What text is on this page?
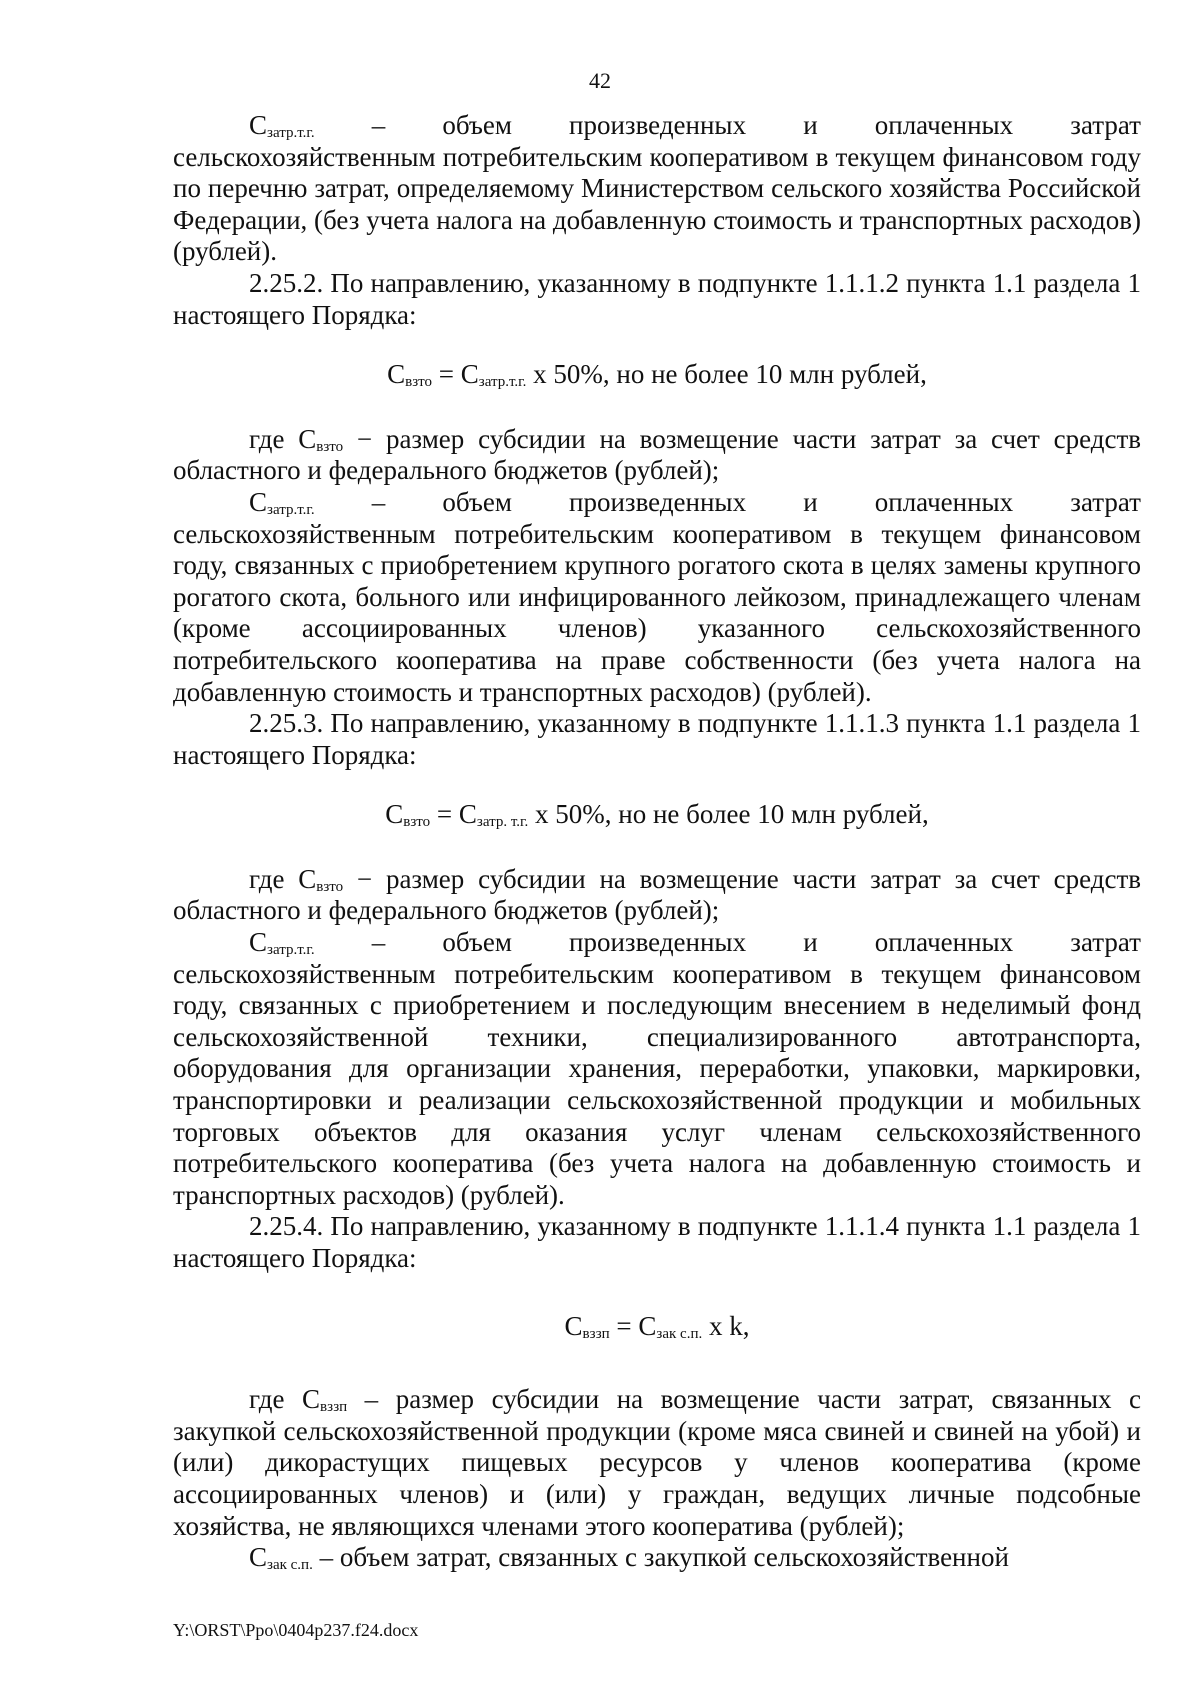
42
$С_{затр.т.г.}$ – объем произведенных и оплаченных затрат

сельскохозяйственным потребительским кооперативом в текущем финансовом году по перечню затрат, определяемому Министерством сельского хозяйства Российской Федерации, (без учета налога на добавленную стоимость и транспортных расходов) (рублей).

2.25.2. По направлению, указанному в подпункте 1.1.1.2 пункта 1.1 раздела 1 настоящего Порядка:

$С_{взто} = С_{затр.т.г.}$ х 50%, но не более 10 млн рублей,

где $С_{взто}$ − размер субсидии на возмещение части затрат за счет средств областного и федерального бюджетов (рублей);

$С_{затр.т.г.}$ – объем произведенных и оплаченных затрат

сельскохозяйственным потребительским кооперативом в текущем финансовом году, связанных с приобретением крупного рогатого скота в целях замены крупного рогатого скота, больного или инфицированного лейкозом, принадлежащего членам (кроме ассоциированных членов) указанного сельскохозяйственного потребительского кооператива на праве собственности (без учета налога на добавленную стоимость и транспортных расходов) (рублей).

2.25.3. По направлению, указанному в подпункте 1.1.1.3 пункта 1.1 раздела 1 настоящего Порядка:

$С_{взто} = С_{затр. т.г.}$ х 50%, но не более 10 млн рублей,

где $С_{взто}$ − размер субсидии на возмещение части затрат за счет средств областного и федерального бюджетов (рублей);

$С_{затр.т.г.}$ – объем произведенных и оплаченных затрат

сельскохозяйственным потребительским кооперативом в текущем финансовом году, связанных с приобретением и последующим внесением в неделимый фонд сельскохозяйственной техники, специализированного автотранспорта, оборудования для организации хранения, переработки, упаковки, маркировки, транспортировки и реализации сельскохозяйственной продукции и мобильных торговых объектов для оказания услуг членам сельскохозяйственного потребительского кооператива (без учета налога на добавленную стоимость и транспортных расходов) (рублей).

2.25.4. По направлению, указанному в подпункте 1.1.1.4 пункта 1.1 раздела 1 настоящего Порядка:

$С_{вззп} = С_{зак с.п.}$ х k,

где $С_{вззп}$ – размер субсидии на возмещение части затрат, связанных с закупкой сельскохозяйственной продукции (кроме мяса свиней и свиней на убой) и (или) дикорастущих пищевых ресурсов у членов кооператива (кроме ассоциированных членов) и (или) у граждан, ведущих личные подсобные хозяйства, не являющихся членами этого кооператива (рублей);

$С_{зак с.п.}$ – объем затрат, связанных с закупкой сельскохозяйственной

Y:\ORST\Ppo\0404p237.f24.docx
